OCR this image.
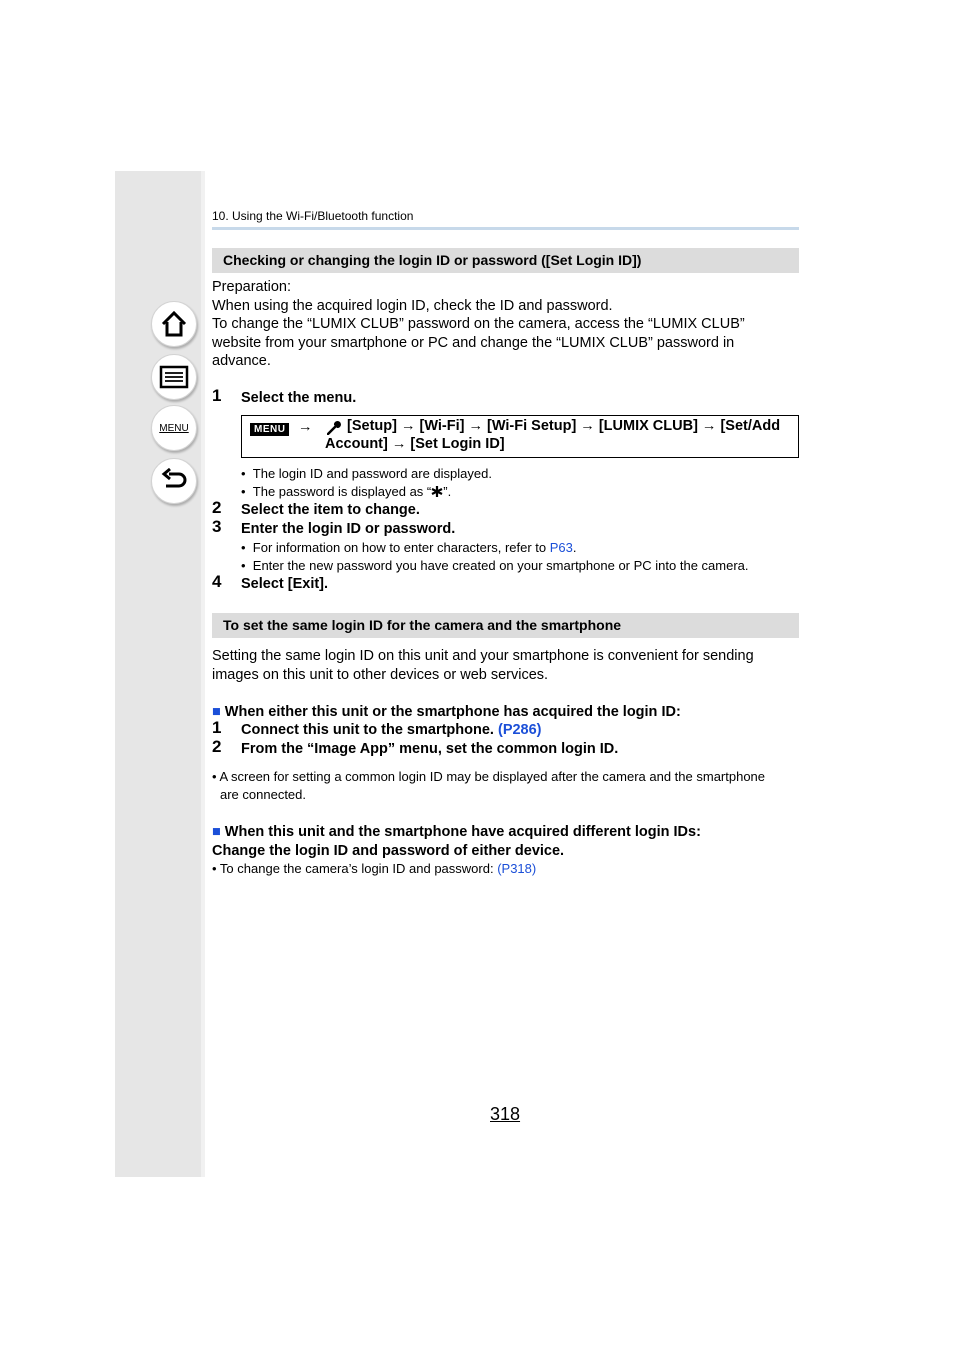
MENU
10. Using the Wi-Fi/Bluetooth function
Checking or changing the login ID or password ([Set Login ID])
Preparation:
When using the acquired login ID, check the ID and password.
To change the “LUMIX CLUB” password on the camera, access the “LUMIX CLUB”
website from your smartphone or PC and change the “LUMIX CLUB” password in
advance.
1 Select the menu.
MENU → [Setup] → [Wi-Fi] → [Wi-Fi Setup] → [LUMIX CLUB] → [Set/Add
Account] → [Set Login ID]
•  The login ID and password are displayed.
•  The password is displayed as “ ”.
2 Select the item to change.
3 Enter the login ID or password.
•  For information on how to enter characters, refer to P63.
•  Enter the new password you have created on your smartphone or PC into the camera.
4 Select [Exit].
To set the same login ID for the camera and the smartphone
Setting the same login ID on this unit and your smartphone is convenient for sending
images on this unit to other devices or web services.
■ When either this unit or the smartphone has acquired the login ID:
1 Connect this unit to the smartphone. (P286)
2 From the “Image App” menu, set the common login ID.
• A screen for setting a common login ID may be displayed after the camera and the smartphone
are connected.
■ When this unit and the smartphone have acquired different login IDs:
Change the login ID and password of either device.
• To change the camera’s login ID and password: (P318)
318
